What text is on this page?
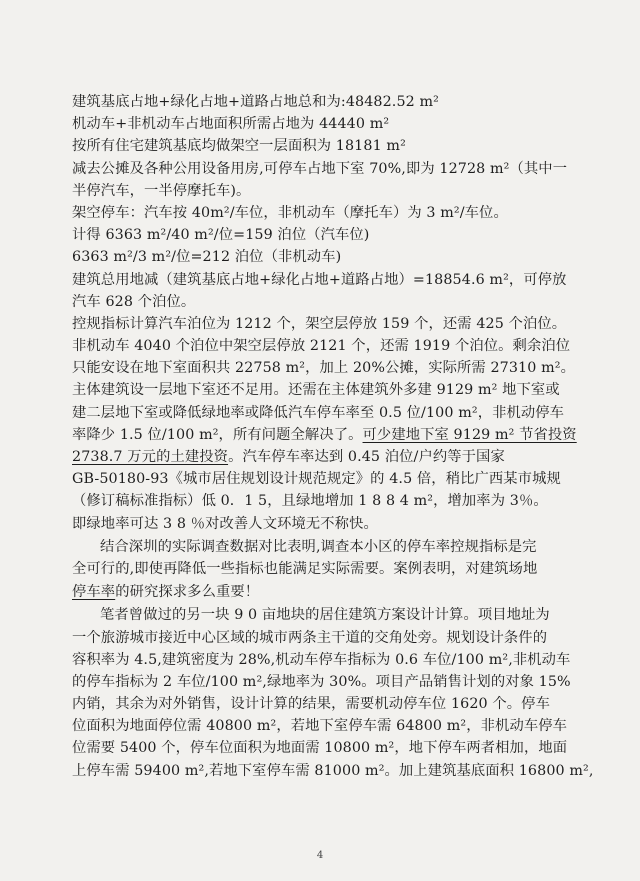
建筑基底占地+绿化占地+道路占地总和为:48482.52 m²
机动车+非机动车占地面积所需占地为 44440 m²
按所有住宅建筑基底均做架空一层面积为 18181 m²
减去公摊及各种公用设备用房,可停车占地下室 70%,即为 12728 m²（其中一
半停汽车，一半停摩托车)。
架空停车：汽车按 40m²/车位，非机动车（摩托车）为 3 m²/车位。
计得 6363 m²/40 m²/位=159 泊位（汽车位)
6363 m²/3 m²/位=212 泊位（非机动车)
建筑总用地减（建筑基底占地+绿化占地+道路占地）=18854.6 m²，可停放
汽车 628 个泊位。
控规指标计算汽车泊位为 1212 个，架空层停放 159 个，还需 425 个泊位。
非机动车 4040 个泊位中架空层停放 2121 个，还需 1919 个泊位。剩余泊位
只能安设在地下室面积共 22758 m²，加上 20%公摊，实际所需 27310 m²。
主体建筑设一层地下室还不足用。还需在主体建筑外多建 9129 m² 地下室或
建二层地下室或降低绿地率或降低汽车停车率至 0.5 位/100 m²，非机动停车
率降少 1.5 位/100 m²，所有问题全解决了。可少建地下室 9129 m² 节省投资
2738.7 万元的土建投资。汽车停车率达到 0.45 泊位/户约等于国家
GB-50180-93《城市居住规划设计规范规定》的 4.5 倍，稍比广西某市城规
（修订稿标准指标）低 0．1 5，且绿地增加 1 8 8 4 m²，增加率为 3％。
即绿地率可达 3 8 ％对改善人文环境无不称快。
结合深圳的实际调查数据对比表明,调查本小区的停车率控规指标是完
全可行的,即使再降低一些指标也能满足实际需要。案例表明，对建筑场地
停车率的研究探求多么重要！
笔者曾做过的另一块 9 0 亩地块的居住建筑方案设计计算。项目地址为
一个旅游城市接近中心区域的城市两条主干道的交角处旁。规划设计条件的
容积率为 4.5,建筑密度为 28%,机动车停车指标为 0.6 车位/100 m²,非机动车
的停车指标为 2 车位/100 m²,绿地率为 30%。项目产品销售计划的对象 15%
内销，其余为对外销售，设计计算的结果，需要机动停车位 1620 个。停车
位面积为地面停位需 40800 m²，若地下室停车需 64800 m²，非机动车停车
位需要 5400 个，停车位面积为地面需 10800 m²，地下停车两者相加，地面
上停车需 59400 m²,若地下室停车需 81000 m²。加上建筑基底面积 16800 m²,
4
